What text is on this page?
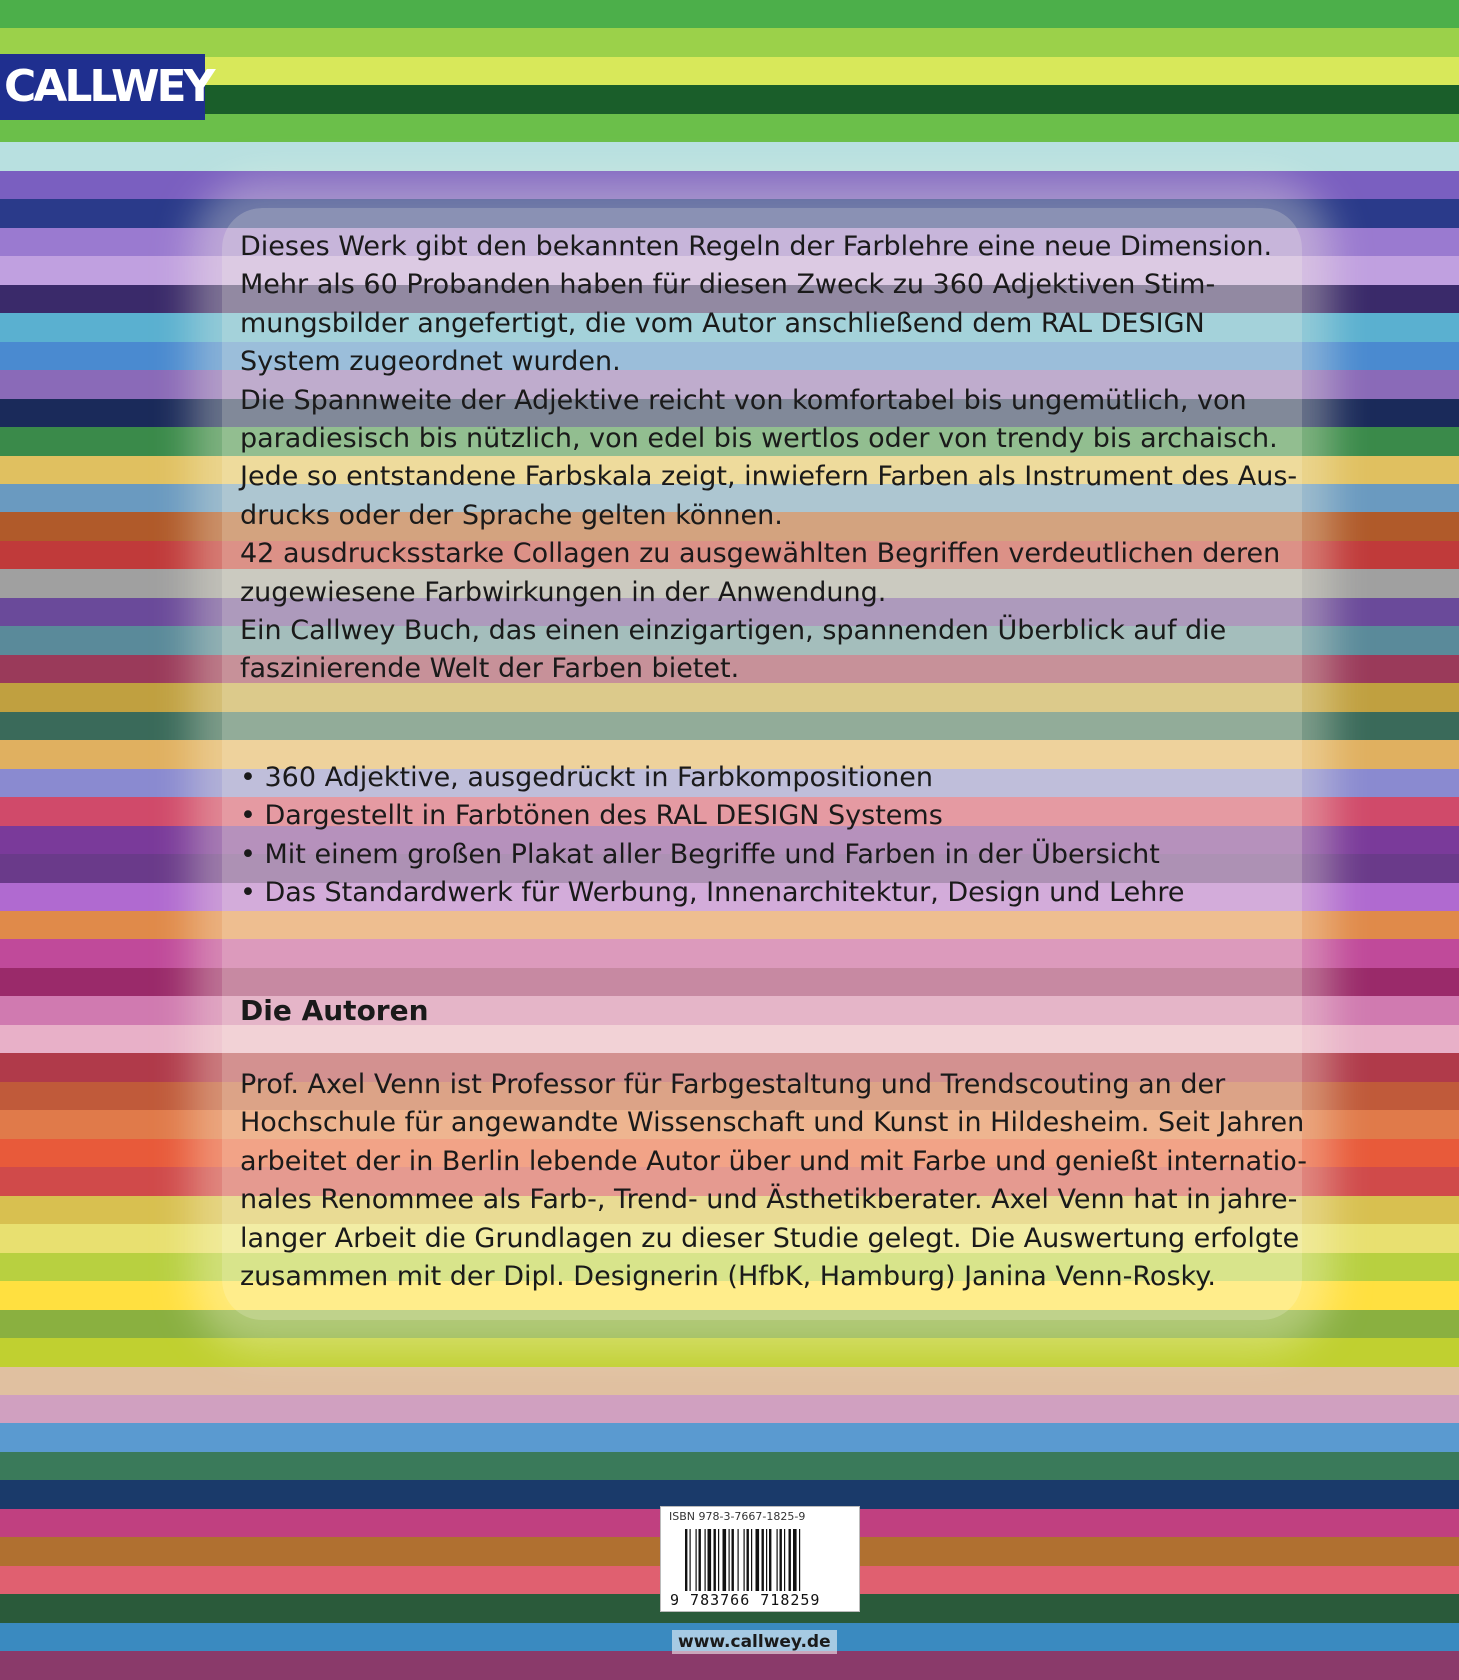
CALLWEY

Dieses Werk gibt den bekannten Regeln der Farblehre eine neue Dimension.

Mehr als 60 Probanden haben für diesen Zweck zu 360 Adjektiven Stim-

mungsbilder angefertigt, die vom Autor anschließend dem RAL DESIGN

System zugeordnet wurden.

Die Spannweite der Adjektive reicht von komfortabel bis ungemütlich, von

paradiesisch bis nützlich, von edel bis wertlos oder von trendy bis archaisch.

Jede so entstandene Farbskala zeigt, inwiefern Farben als Instrument des Aus-

drucks oder der Sprache gelten können.

42 ausdrucksstarke Collagen zu ausgewählten Begriffen verdeutlichen deren

zugewiesene Farbwirkungen in der Anwendung.

Ein Callwey Buch, das einen einzigartigen, spannenden Überblick auf die

faszinierende Welt der Farben bietet.

• 360 Adjektive, ausgedrückt in Farbkompositionen

• Dargestellt in Farbtönen des RAL DESIGN Systems

• Mit einem großen Plakat aller Begriffe und Farben in der Übersicht

• Das Standardwerk für Werbung, Innenarchitektur, Design und Lehre

Die Autoren

Prof. Axel Venn ist Professor für Farbgestaltung und Trendscouting an der

Hochschule für angewandte Wissenschaft und Kunst in Hildesheim. Seit Jahren

arbeitet der in Berlin lebende Autor über und mit Farbe und genießt internatio-

nales Renommee als Farb-, Trend- und Ästhetikberater. Axel Venn hat in jahre-

langer Arbeit die Grundlagen zu dieser Studie gelegt. Die Auswertung erfolgte

zusammen mit der Dipl. Designerin (HfbK, Hamburg) Janina Venn-Rosky.

ISBN 978-3-7667-1825-9
9 783766 718259
www.callwey.de
